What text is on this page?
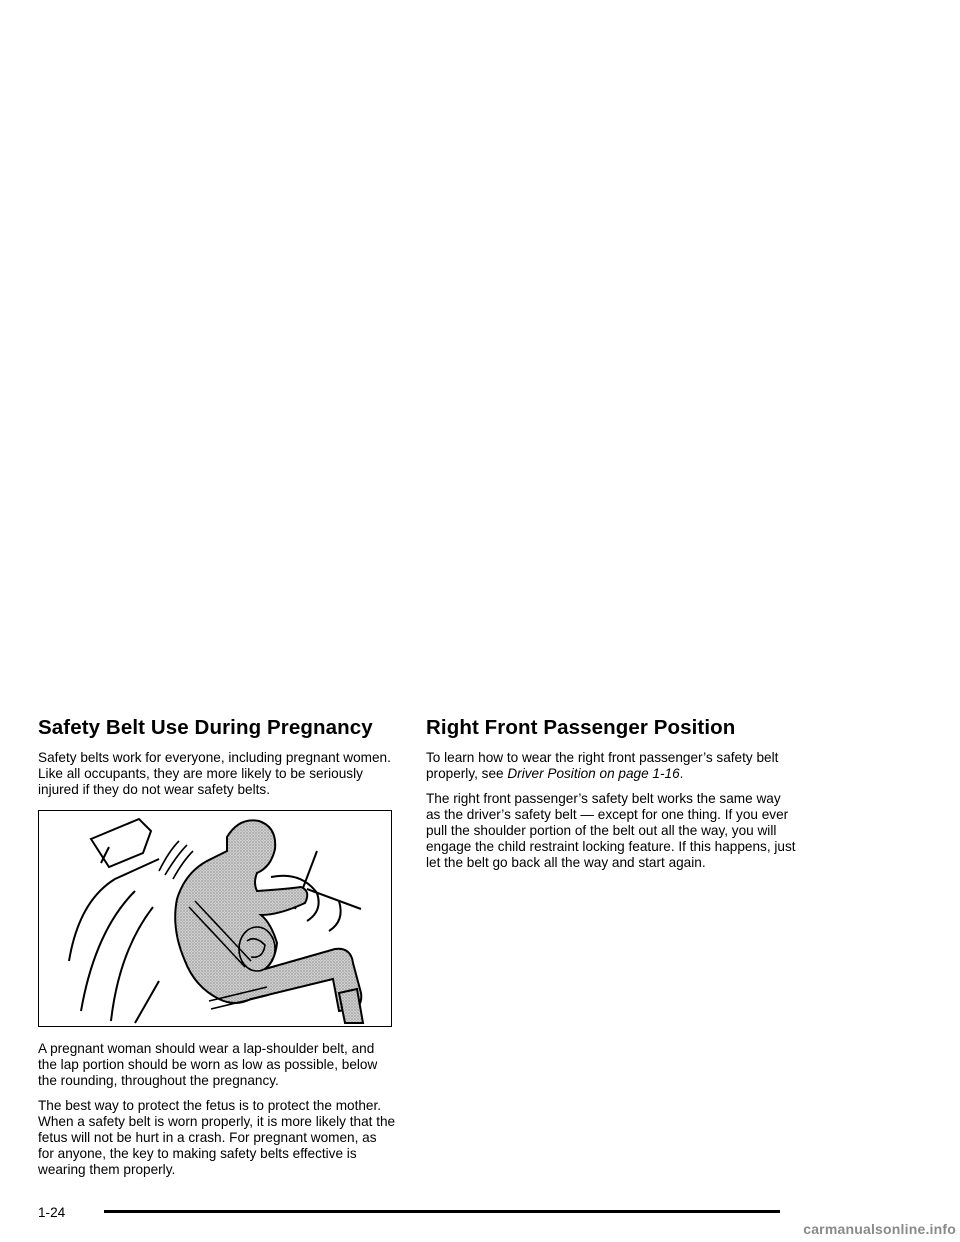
Safety Belt Use During Pregnancy

Safety belts work for everyone, including pregnant women. Like all occupants, they are more likely to be seriously injured if they do not wear safety belts.

A pregnant woman should wear a lap-shoulder belt, and the lap portion should be worn as low as possible, below the rounding, throughout the pregnancy.

The best way to protect the fetus is to protect the mother. When a safety belt is worn properly, it is more likely that the fetus will not be hurt in a crash. For pregnant women, as for anyone, the key to making safety belts effective is wearing them properly.

Right Front Passenger Position

To learn how to wear the right front passenger’s safety belt properly, see Driver Position on page 1-16.

The right front passenger’s safety belt works the same way as the driver’s safety belt — except for one thing. If you ever pull the shoulder portion of the belt out all the way, you will engage the child restraint locking feature. If this happens, just let the belt go back all the way and start again.

1-24
carmanualsonline.info
